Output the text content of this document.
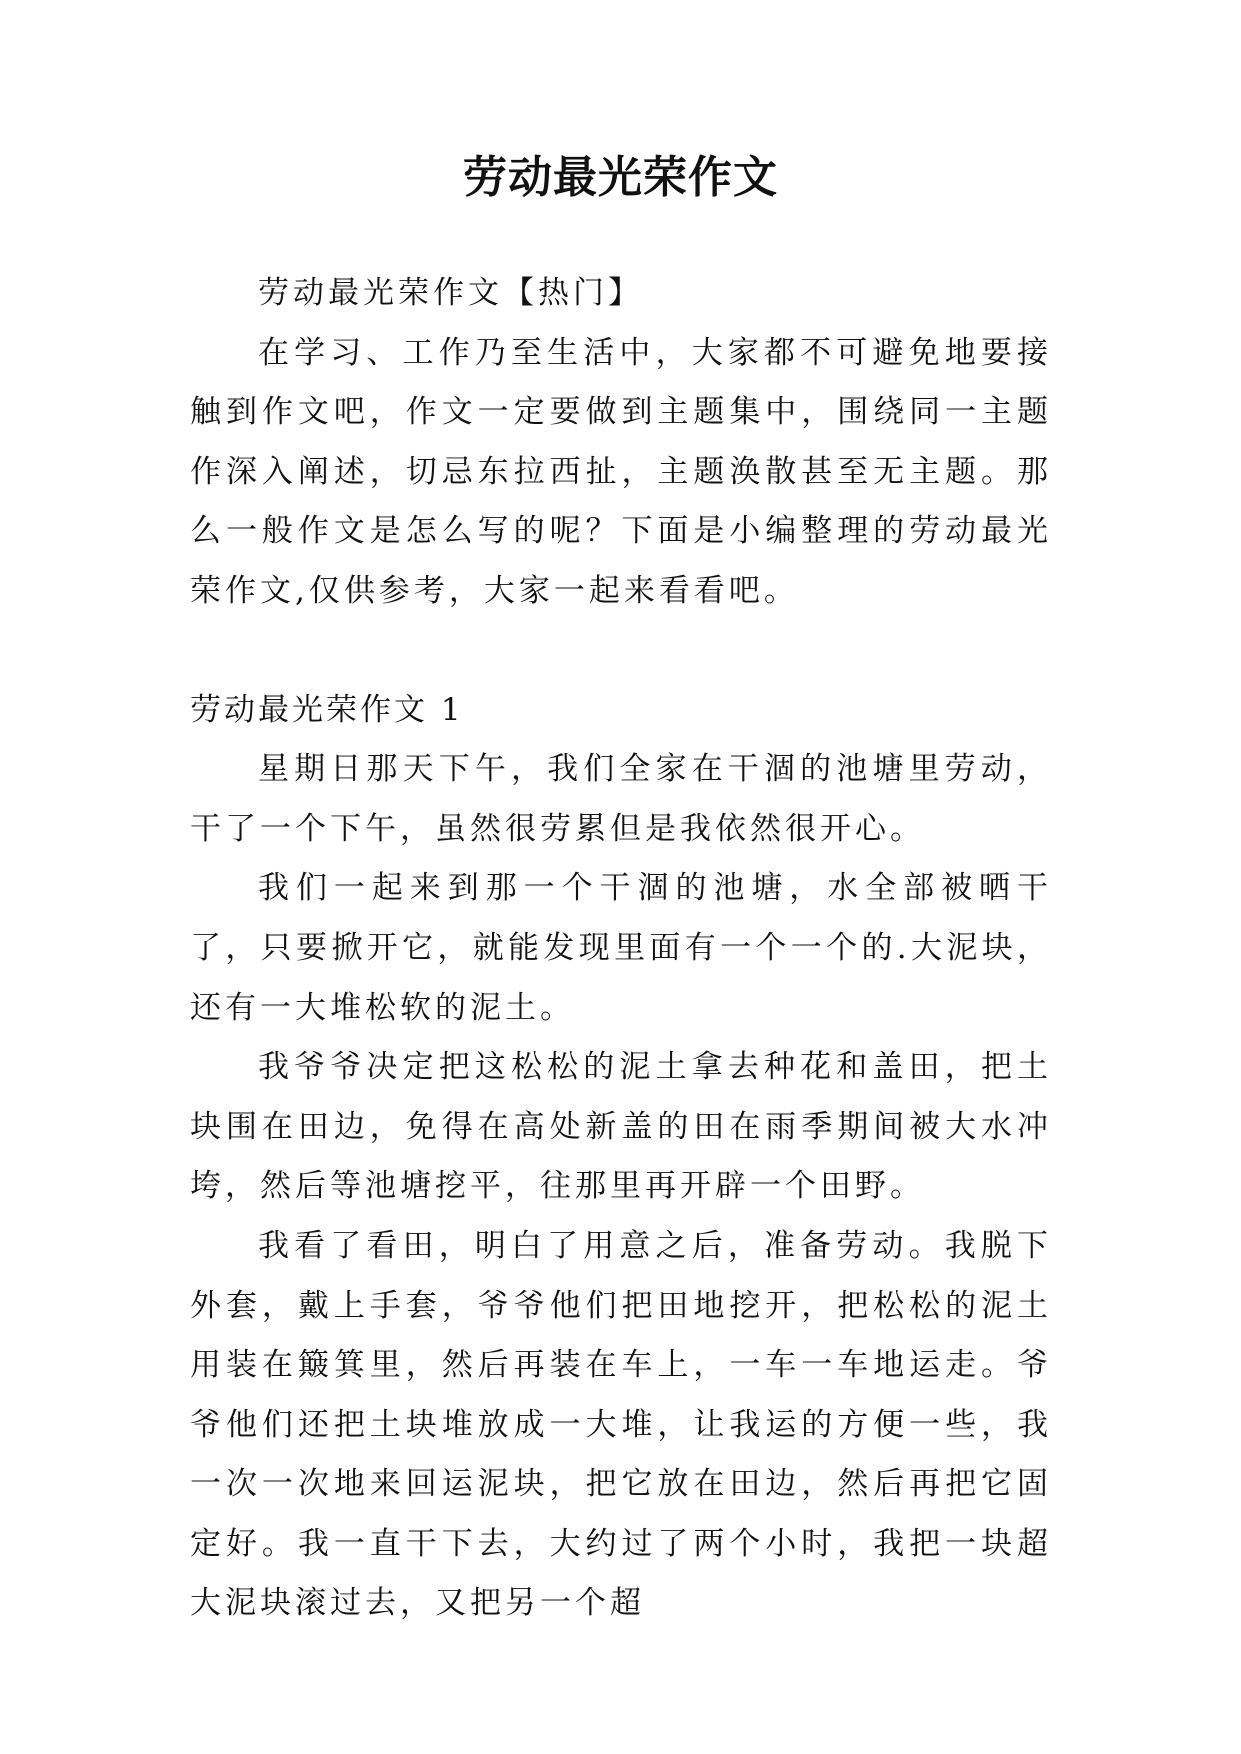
劳动最光荣作文

劳动最光荣作文【热门】

在学习、工作乃至生活中，大家都不可避免地要接触到作文吧，作文一定要做到主题集中，围绕同一主题作深入阐述，切忌东拉西扯，主题涣散甚至无主题。那么一般作文是怎么写的呢？下面是小编整理的劳动最光荣作文,仅供参考，大家一起来看看吧。

劳动最光荣作文 1

星期日那天下午，我们全家在干涸的池塘里劳动，干了一个下午，虽然很劳累但是我依然很开心。

我们一起来到那一个干涸的池塘，水全部被晒干了，只要掀开它，就能发现里面有一个一个的.大泥块，还有一大堆松软的泥土。

我爷爷决定把这松松的泥土拿去种花和盖田，把土块围在田边，免得在高处新盖的田在雨季期间被大水冲垮，然后等池塘挖平，往那里再开辟一个田野。

我看了看田，明白了用意之后，准备劳动。我脱下外套，戴上手套，爷爷他们把田地挖开，把松松的泥土用装在簸箕里，然后再装在车上，一车一车地运走。爷爷他们还把土块堆放成一大堆，让我运的方便一些，我一次一次地来回运泥块，把它放在田边，然后再把它固定好。我一直干下去，大约过了两个小时，我把一块超大泥块滚过去，又把另一个超
